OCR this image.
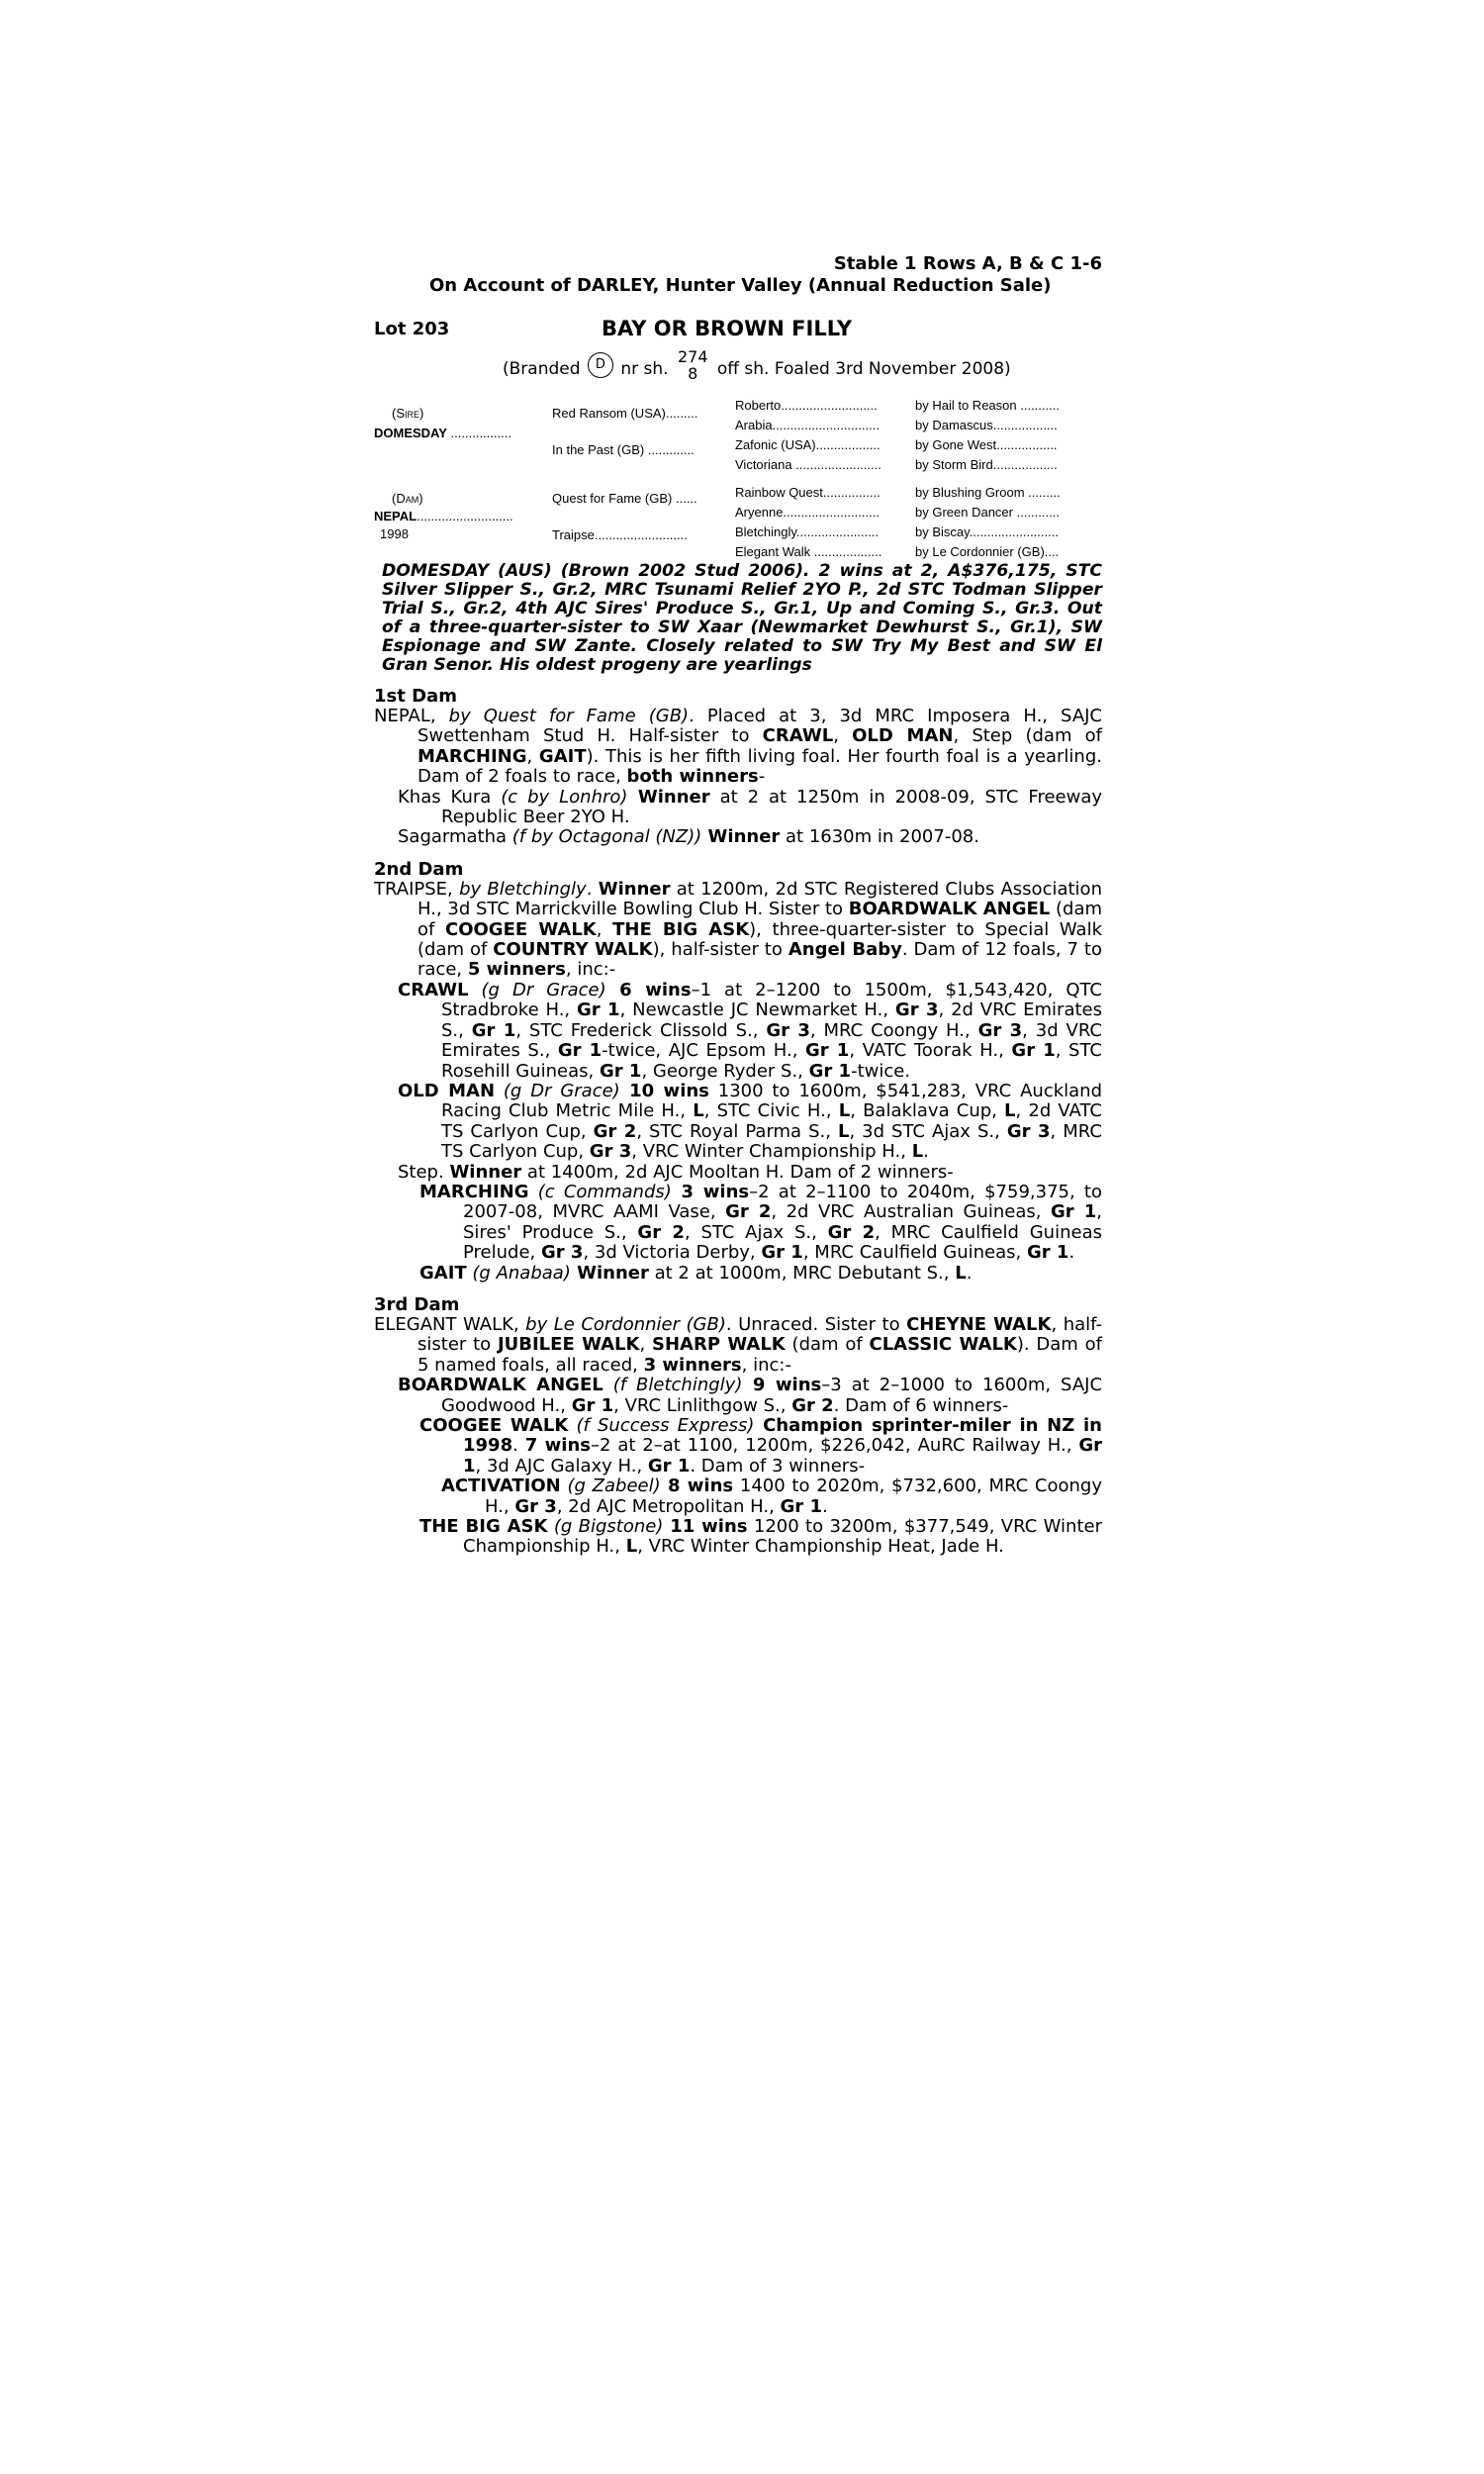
Stable 1 Rows A, B & C 1-6
On Account of DARLEY, Hunter Valley (Annual Reduction Sale)
Lot 203	BAY OR BROWN FILLY
(Branded D nr sh.
274
8	off sh. Foaled 3rd November 2008)
(Sire)
DOMESDAY .................
(Dam)
NEPAL...........................
1998
Red Ransom (USA).........
In the Past (GB) .............
Quest for Fame (GB) ......
Traipse..........................
Roberto...........................
Arabia..............................
Zafonic (USA)..................
Victoriana ........................
Rainbow Quest................
Aryenne...........................
Bletchingly.......................
Elegant Walk ...................
by Hail to Reason ...........
by Damascus..................
by Gone West.................
by Storm Bird..................
by Blushing Groom .........
by Green Dancer ............
by Biscay.........................
by Le Cordonnier (GB)....
DOMESDAY (AUS) (Brown 2002 Stud 2006). 2 wins at 2, A$376,175, STC Silver Slipper S., Gr.2, MRC Tsunami Relief 2YO P., 2d STC Todman Slipper Trial S., Gr.2, 4th AJC Sires' Produce S., Gr.1, Up and Coming S., Gr.3. Out of a three-quarter-sister to SW Xaar (Newmarket Dewhurst S., Gr.1), SW Espionage and SW Zante. Closely related to SW Try My Best and SW El Gran Senor. His oldest progeny are yearlings
1st Dam
NEPAL, by Quest for Fame (GB). Placed at 3, 3d MRC Imposera H., SAJC Swettenham Stud H. Half-sister to CRAWL, OLD MAN, Step (dam of MARCHING, GAIT). This is her fifth living foal. Her fourth foal is a yearling. Dam of 2 foals to race, both winners-
Khas Kura (c by Lonhro) Winner at 2 at 1250m in 2008-09, STC Freeway Republic Beer 2YO H.
Sagarmatha (f by Octagonal (NZ)) Winner at 1630m in 2007-08.
2nd Dam
TRAIPSE, by Bletchingly. Winner at 1200m, 2d STC Registered Clubs Association H., 3d STC Marrickville Bowling Club H. Sister to BOARDWALK ANGEL (dam of COOGEE WALK, THE BIG ASK), three-quarter-sister to Special Walk (dam of COUNTRY WALK), half-sister to Angel Baby. Dam of 12 foals, 7 to race, 5 winners, inc:-
CRAWL (g Dr Grace) 6 wins–1 at 2–1200 to 1500m, $1,543,420, QTC Stradbroke H., Gr 1, Newcastle JC Newmarket H., Gr 3, 2d VRC Emirates S., Gr 1, STC Frederick Clissold S., Gr 3, MRC Coongy H., Gr 3, 3d VRC Emirates S., Gr 1-twice, AJC Epsom H., Gr 1, VATC Toorak H., Gr 1, STC Rosehill Guineas, Gr 1, George Ryder S., Gr 1-twice.
OLD MAN (g Dr Grace) 10 wins 1300 to 1600m, $541,283, VRC Auckland Racing Club Metric Mile H., L, STC Civic H., L, Balaklava Cup, L, 2d VATC TS Carlyon Cup, Gr 2, STC Royal Parma S., L, 3d STC Ajax S., Gr 3, MRC TS Carlyon Cup, Gr 3, VRC Winter Championship H., L.
Step. Winner at 1400m, 2d AJC Mooltan H. Dam of 2 winners-
MARCHING (c Commands) 3 wins–2 at 2–1100 to 2040m, $759,375, to 2007-08, MVRC AAMI Vase, Gr 2, 2d VRC Australian Guineas, Gr 1, Sires' Produce S., Gr 2, STC Ajax S., Gr 2, MRC Caulfield Guineas Prelude, Gr 3, 3d Victoria Derby, Gr 1, MRC Caulfield Guineas, Gr 1.
GAIT (g Anabaa) Winner at 2 at 1000m, MRC Debutant S., L.
3rd Dam
ELEGANT WALK, by Le Cordonnier (GB). Unraced. Sister to CHEYNE WALK, half-sister to JUBILEE WALK, SHARP WALK (dam of CLASSIC WALK). Dam of 5 named foals, all raced, 3 winners, inc:-
BOARDWALK ANGEL (f Bletchingly) 9 wins–3 at 2–1000 to 1600m, SAJC Goodwood H., Gr 1, VRC Linlithgow S., Gr 2. Dam of 6 winners-
COOGEE WALK (f Success Express) Champion sprinter-miler in NZ in 1998. 7 wins–2 at 2–at 1100, 1200m, $226,042, AuRC Railway H., Gr 1, 3d AJC Galaxy H., Gr 1. Dam of 3 winners-
ACTIVATION (g Zabeel) 8 wins 1400 to 2020m, $732,600, MRC Coongy H., Gr 3, 2d AJC Metropolitan H., Gr 1.
THE BIG ASK (g Bigstone) 11 wins 1200 to 3200m, $377,549, VRC Winter Championship H., L, VRC Winter Championship Heat, Jade H.
